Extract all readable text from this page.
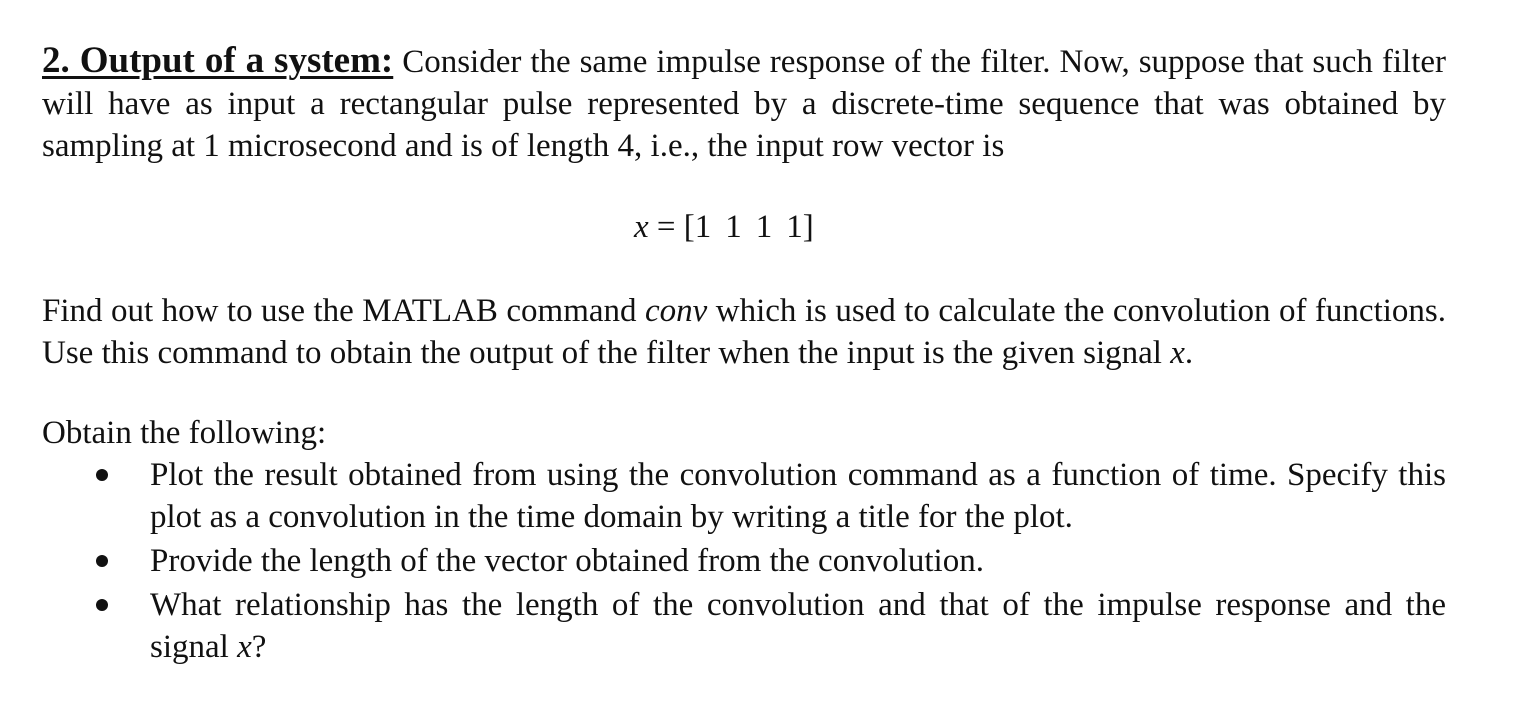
2. Output of a system: Consider the same impulse response of the filter. Now, suppose that such filter will have as input a rectangular pulse represented by a discrete-time sequence that was obtained by sampling at 1 microsecond and is of length 4, i.e., the input row vector is

x = [1 1 1 1]

Find out how to use the MATLAB command conv which is used to calculate the convolution of functions. Use this command to obtain the output of the filter when the input is the given signal x.

Obtain the following:

Plot the result obtained from using the convolution command as a function of time. Specify this plot as a convolution in the time domain by writing a title for the plot.
Provide the length of the vector obtained from the convolution.
What relationship has the length of the convolution and that of the impulse response and the signal x?
